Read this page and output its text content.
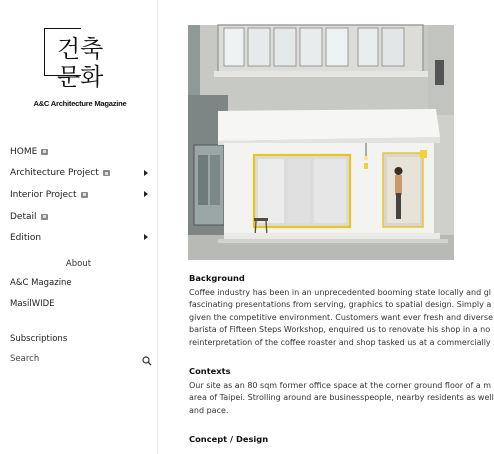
건축
문화
A&C Architecture Magazine
HOME
Architecture Project
Interior Project
Detail
Edition
About
A&C Magazine
MasilWIDE
Subscriptions
Search

Background

Coffee industry has been in an unprecedented booming state locally and gl

fascinating presentations from serving, graphics to spatial design. Simply a

given the competitive environment. Customers want ever fresh and diverse

barista of Fifteen Steps Workshop, enquired us to renovate his shop in a no

reinterpretation of the coffee roaster and shop tasked us at a commercially

Contexts

Our site as an 80 sqm former office space at the corner ground floor of a m

area of Taipei. Strolling around are businesspeople, nearby residents as well

and pace.

Concept / Design
